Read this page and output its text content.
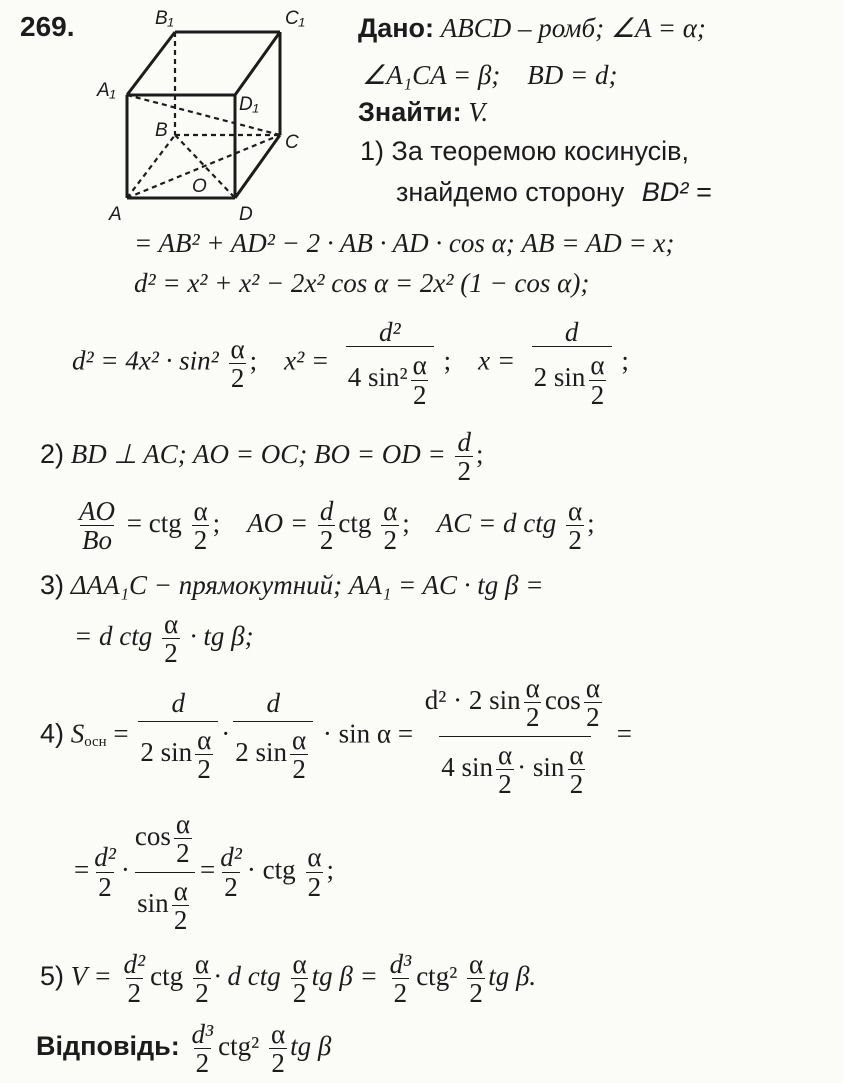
269.	B₁	C₁
A₁
D₁
B
C
O
A	D
Дано: ABCD – ромб; ∠A = α;
∠A₁CA = β; BD = d;
Знайти: V.
1) За теоремою косинусів,
знайдемо сторону BD² =
= AB² + AD² − 2 · AB · AD · cos α; AB = AD = x;
d² = x² + x² − 2x² cos α = 2x² (1 − cos α);
$d^2 = 4x^2 \cdot \sin^2 \frac{\alpha}{2}$ ;    $x^2 = \frac{\text{d²}}{4 \sin^2 \frac{\alpha}{2}}$ ;    $x = \frac{d}{2 \sin \frac{\alpha}{2}}$ ;
2) BD ⊥ AC; AO = OC; BO = OD = $\frac{d}{2}$ ;
$\frac{AO}{Bo}$ = ctg $\frac{\alpha}{2}$ ;    AO = $\frac{d}{2}$ ctg $\frac{\alpha}{2}$ ;    AC = d ctg $\frac{\alpha}{2}$ ;
3) ΔAA₁C − прямокутний; AA₁ = AC · tg β =
= d ctg $\frac{\alpha}{2}$ · tg β;
4) $S_{осн} = \frac{d}{2 \sin \frac{\alpha}{2}} \cdot \frac{d}{2 \sin \frac{\alpha}{2}} \cdot \sin \alpha = \frac{d^2 \cdot 2 \sin \frac{\alpha}{2} \cos \frac{\alpha}{2}}{4 \sin \frac{\alpha}{2} \cdot \sin \frac{\alpha}{2}}$ =
= $\frac{\text{d²}}{2} \cdot \frac{\cos \frac{\alpha}{2}}{\sin \frac{\alpha}{2}} = \frac{\text{d²}}{2}$ · ctg $\frac{\alpha}{2}$ ;
5) $V = \frac{\text{d²}}{2}$ ctg $\frac{\alpha}{2} \cdot d$ ctg $\frac{\alpha}{2}$ tg $\beta = \frac{\text{d³}}{2} ctg^2 \frac{\alpha}{2}$ tg β.
Відповідь: $\frac{\text{d³}}{2} ctg^2 \frac{\alpha}{2}$ tg β
